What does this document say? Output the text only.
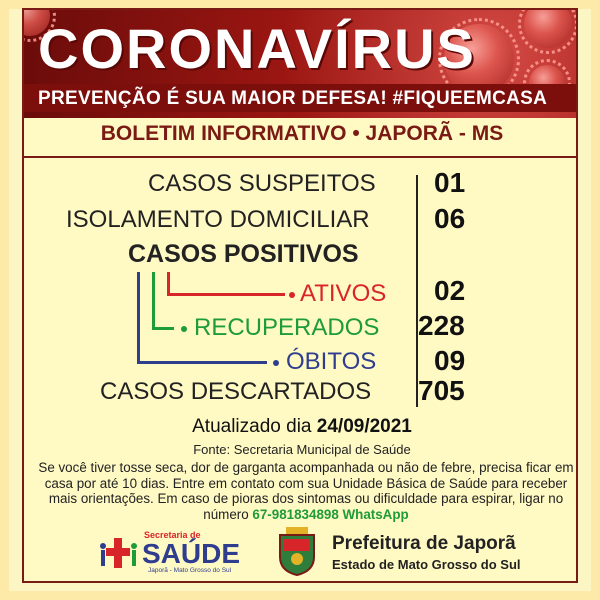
CORONAVÍRUS
PREVENÇÃO É SUA MAIOR DEFESA! #FIQUEEMCASA
BOLETIM INFORMATIVO • JAPORÃ - MS
CASOS SUSPEITOS 01
ISOLAMENTO DOMICILIAR 06
CASOS POSITIVOS
ATIVOS 02
RECUPERADOS 228
ÓBITOS 09
CASOS DESCARTADOS 705
Atualizado dia 24/09/2021
Fonte: Secretaria Municipal de Saúde
Se você tiver tosse seca, dor de garganta acompanhada ou não de febre, precisa ficar em casa por até 10 dias. Entre em contato com sua Unidade Básica de Saúde para receber mais orientações. Em caso de pioras dos sintomas ou dificuldade para espirar, ligar no número 67-981834898 WhatsApp
Secretaria de
SAÚDE
Japorã - Mato Grosso do Sul
Prefeitura de Japorã
Estado de Mato Grosso do Sul
